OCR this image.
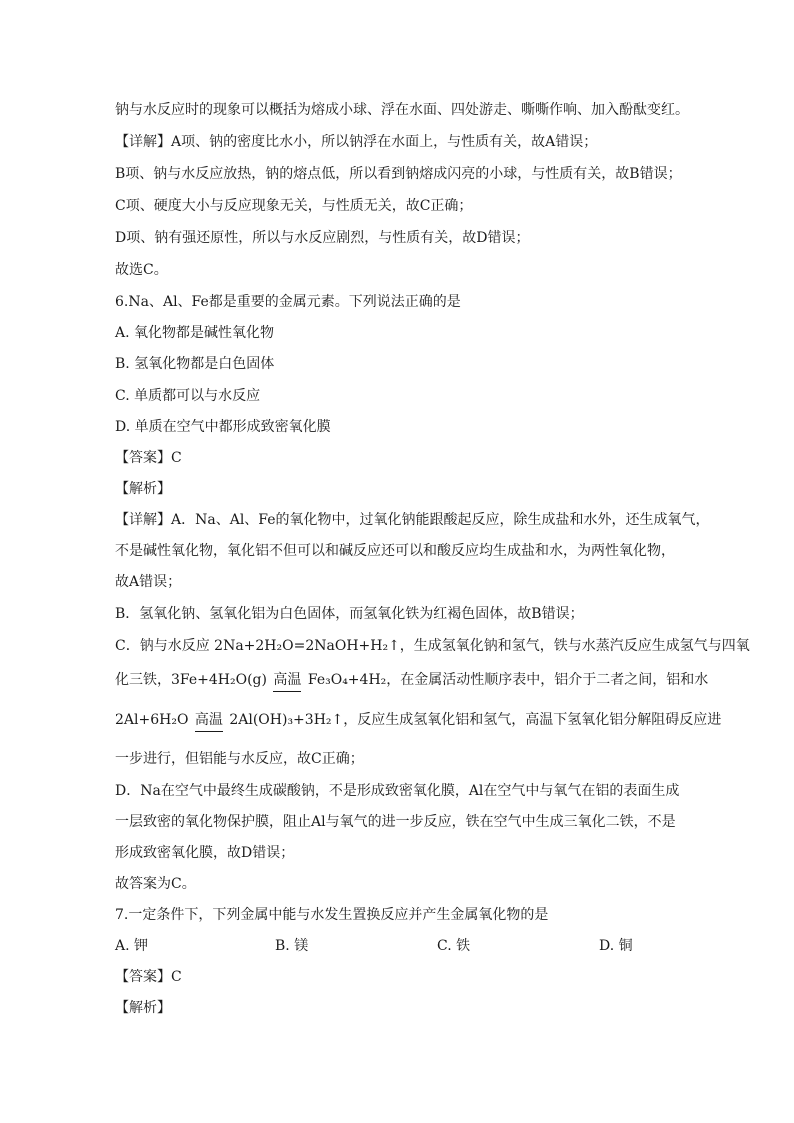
钠与水反应时的现象可以概括为熔成小球、浮在水面、四处游走、嘶嘶作响、加入酚酞变红。
【详解】A项、钠的密度比水小，所以钠浮在水面上，与性质有关，故A错误；
B项、钠与水反应放热，钠的熔点低，所以看到钠熔成闪亮的小球，与性质有关，故B错误；
C项、硬度大小与反应现象无关，与性质无关，故C正确；
D项、钠有强还原性，所以与水反应剧烈，与性质有关，故D错误；
故选C。
6.Na、Al、Fe都是重要的金属元素。下列说法正确的是
A. 氧化物都是碱性氧化物
B. 氢氧化物都是白色固体
C. 单质都可以与水反应
D. 单质在空气中都形成致密氧化膜
【答案】C
【解析】
【详解】A．Na、Al、Fe的氧化物中，过氧化钠能跟酸起反应，除生成盐和水外，还生成氧气，
不是碱性氧化物，氧化铝不但可以和碱反应还可以和酸反应均生成盐和水，为两性氧化物，
故A错误；
B．氢氧化钠、氢氧化铝为白色固体，而氢氧化铁为红褐色固体，故B错误；
C．钠与水反应 2Na+2H₂O=2NaOH+H₂↑，生成氢氧化钠和氢气，铁与水蒸汽反应生成氢气与四氧
化三铁，3Fe+4H₂O(g) 高温 Fe₃O₄+4H₂，在金属活动性顺序表中，铝介于二者之间，铝和水
2Al+6H₂O 高温 2Al(OH)₃+3H₂↑，反应生成氢氧化铝和氢气，高温下氢氧化铝分解阻碍反应进
一步进行，但铝能与水反应，故C正确；
D．Na在空气中最终生成碳酸钠，不是形成致密氧化膜，Al在空气中与氧气在铝的表面生成
一层致密的氧化物保护膜，阻止Al与氧气的进一步反应，铁在空气中生成三氧化二铁，不是
形成致密氧化膜，故D错误；
故答案为C。
7.一定条件下，下列金属中能与水发生置换反应并产生金属氧化物的是
A. 钾	B. 镁	C. 铁	D. 铜
【答案】C
【解析】
